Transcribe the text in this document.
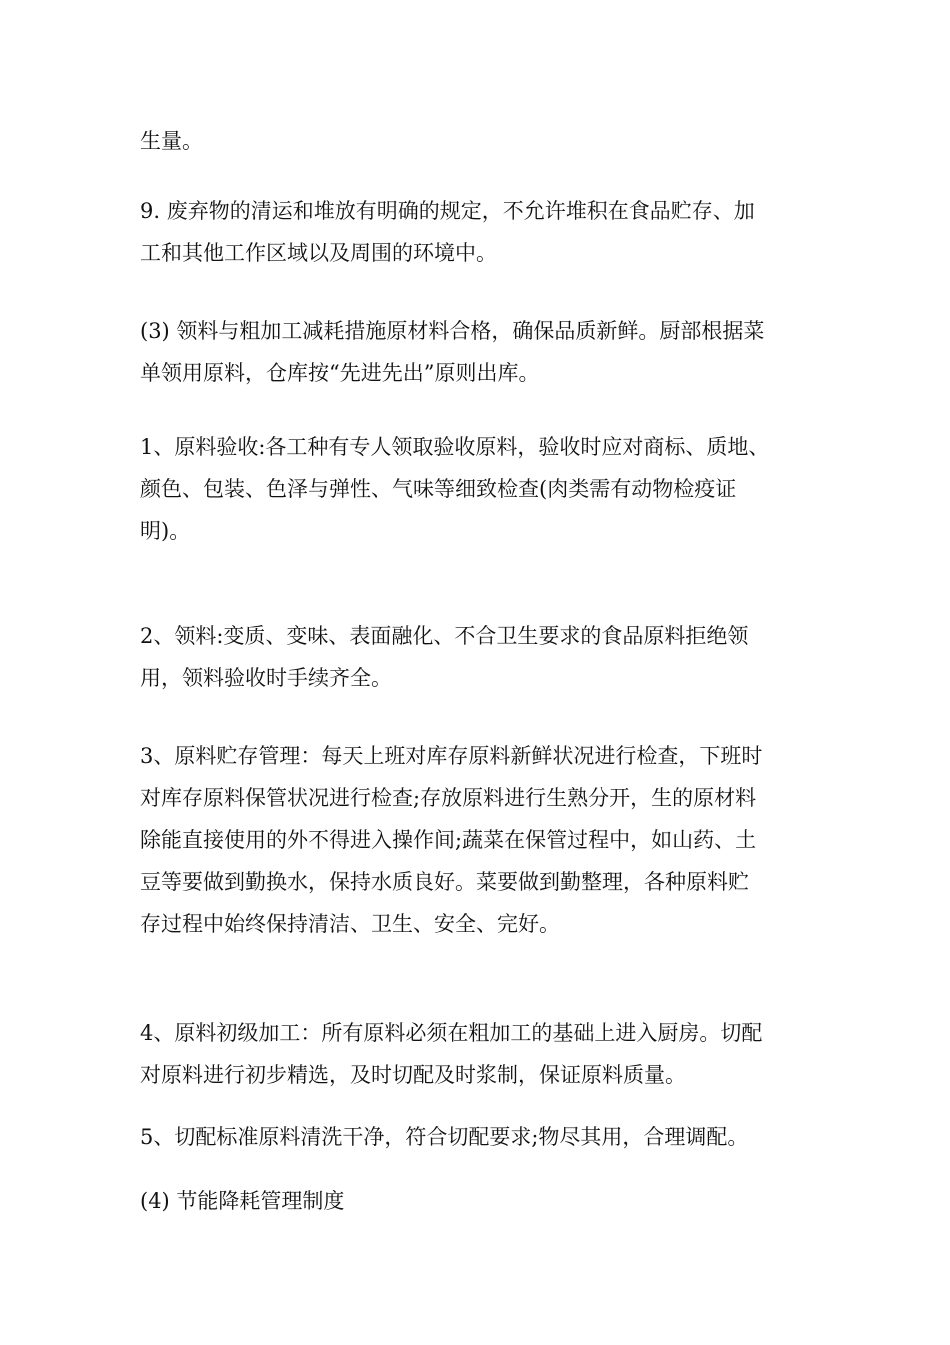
生量。

9. 废弃物的清运和堆放有明确的规定，不允许堆积在食品贮存、加
工和其他工作区域以及周围的环境中。

(3) 领料与粗加工减耗措施原材料合格，确保品质新鲜。厨部根据菜
单领用原料，仓库按“先进先出”原则出库。

1、原料验收:各工种有专人领取验收原料，验收时应对商标、质地、
颜色、包装、色泽与弹性、气味等细致检查(肉类需有动物检疫证
明)。

2、领料:变质、变味、表面融化、不合卫生要求的食品原料拒绝领
用，领料验收时手续齐全。

3、原料贮存管理：每天上班对库存原料新鲜状况进行检查，下班时
对库存原料保管状况进行检查;存放原料进行生熟分开，生的原材料
除能直接使用的外不得进入操作间;蔬菜在保管过程中，如山药、土
豆等要做到勤换水，保持水质良好。菜要做到勤整理，各种原料贮
存过程中始终保持清洁、卫生、安全、完好。

4、原料初级加工：所有原料必须在粗加工的基础上进入厨房。切配
对原料进行初步精选，及时切配及时浆制，保证原料质量。

5、切配标准原料清洗干净，符合切配要求;物尽其用，合理调配。

(4) 节能降耗管理制度
